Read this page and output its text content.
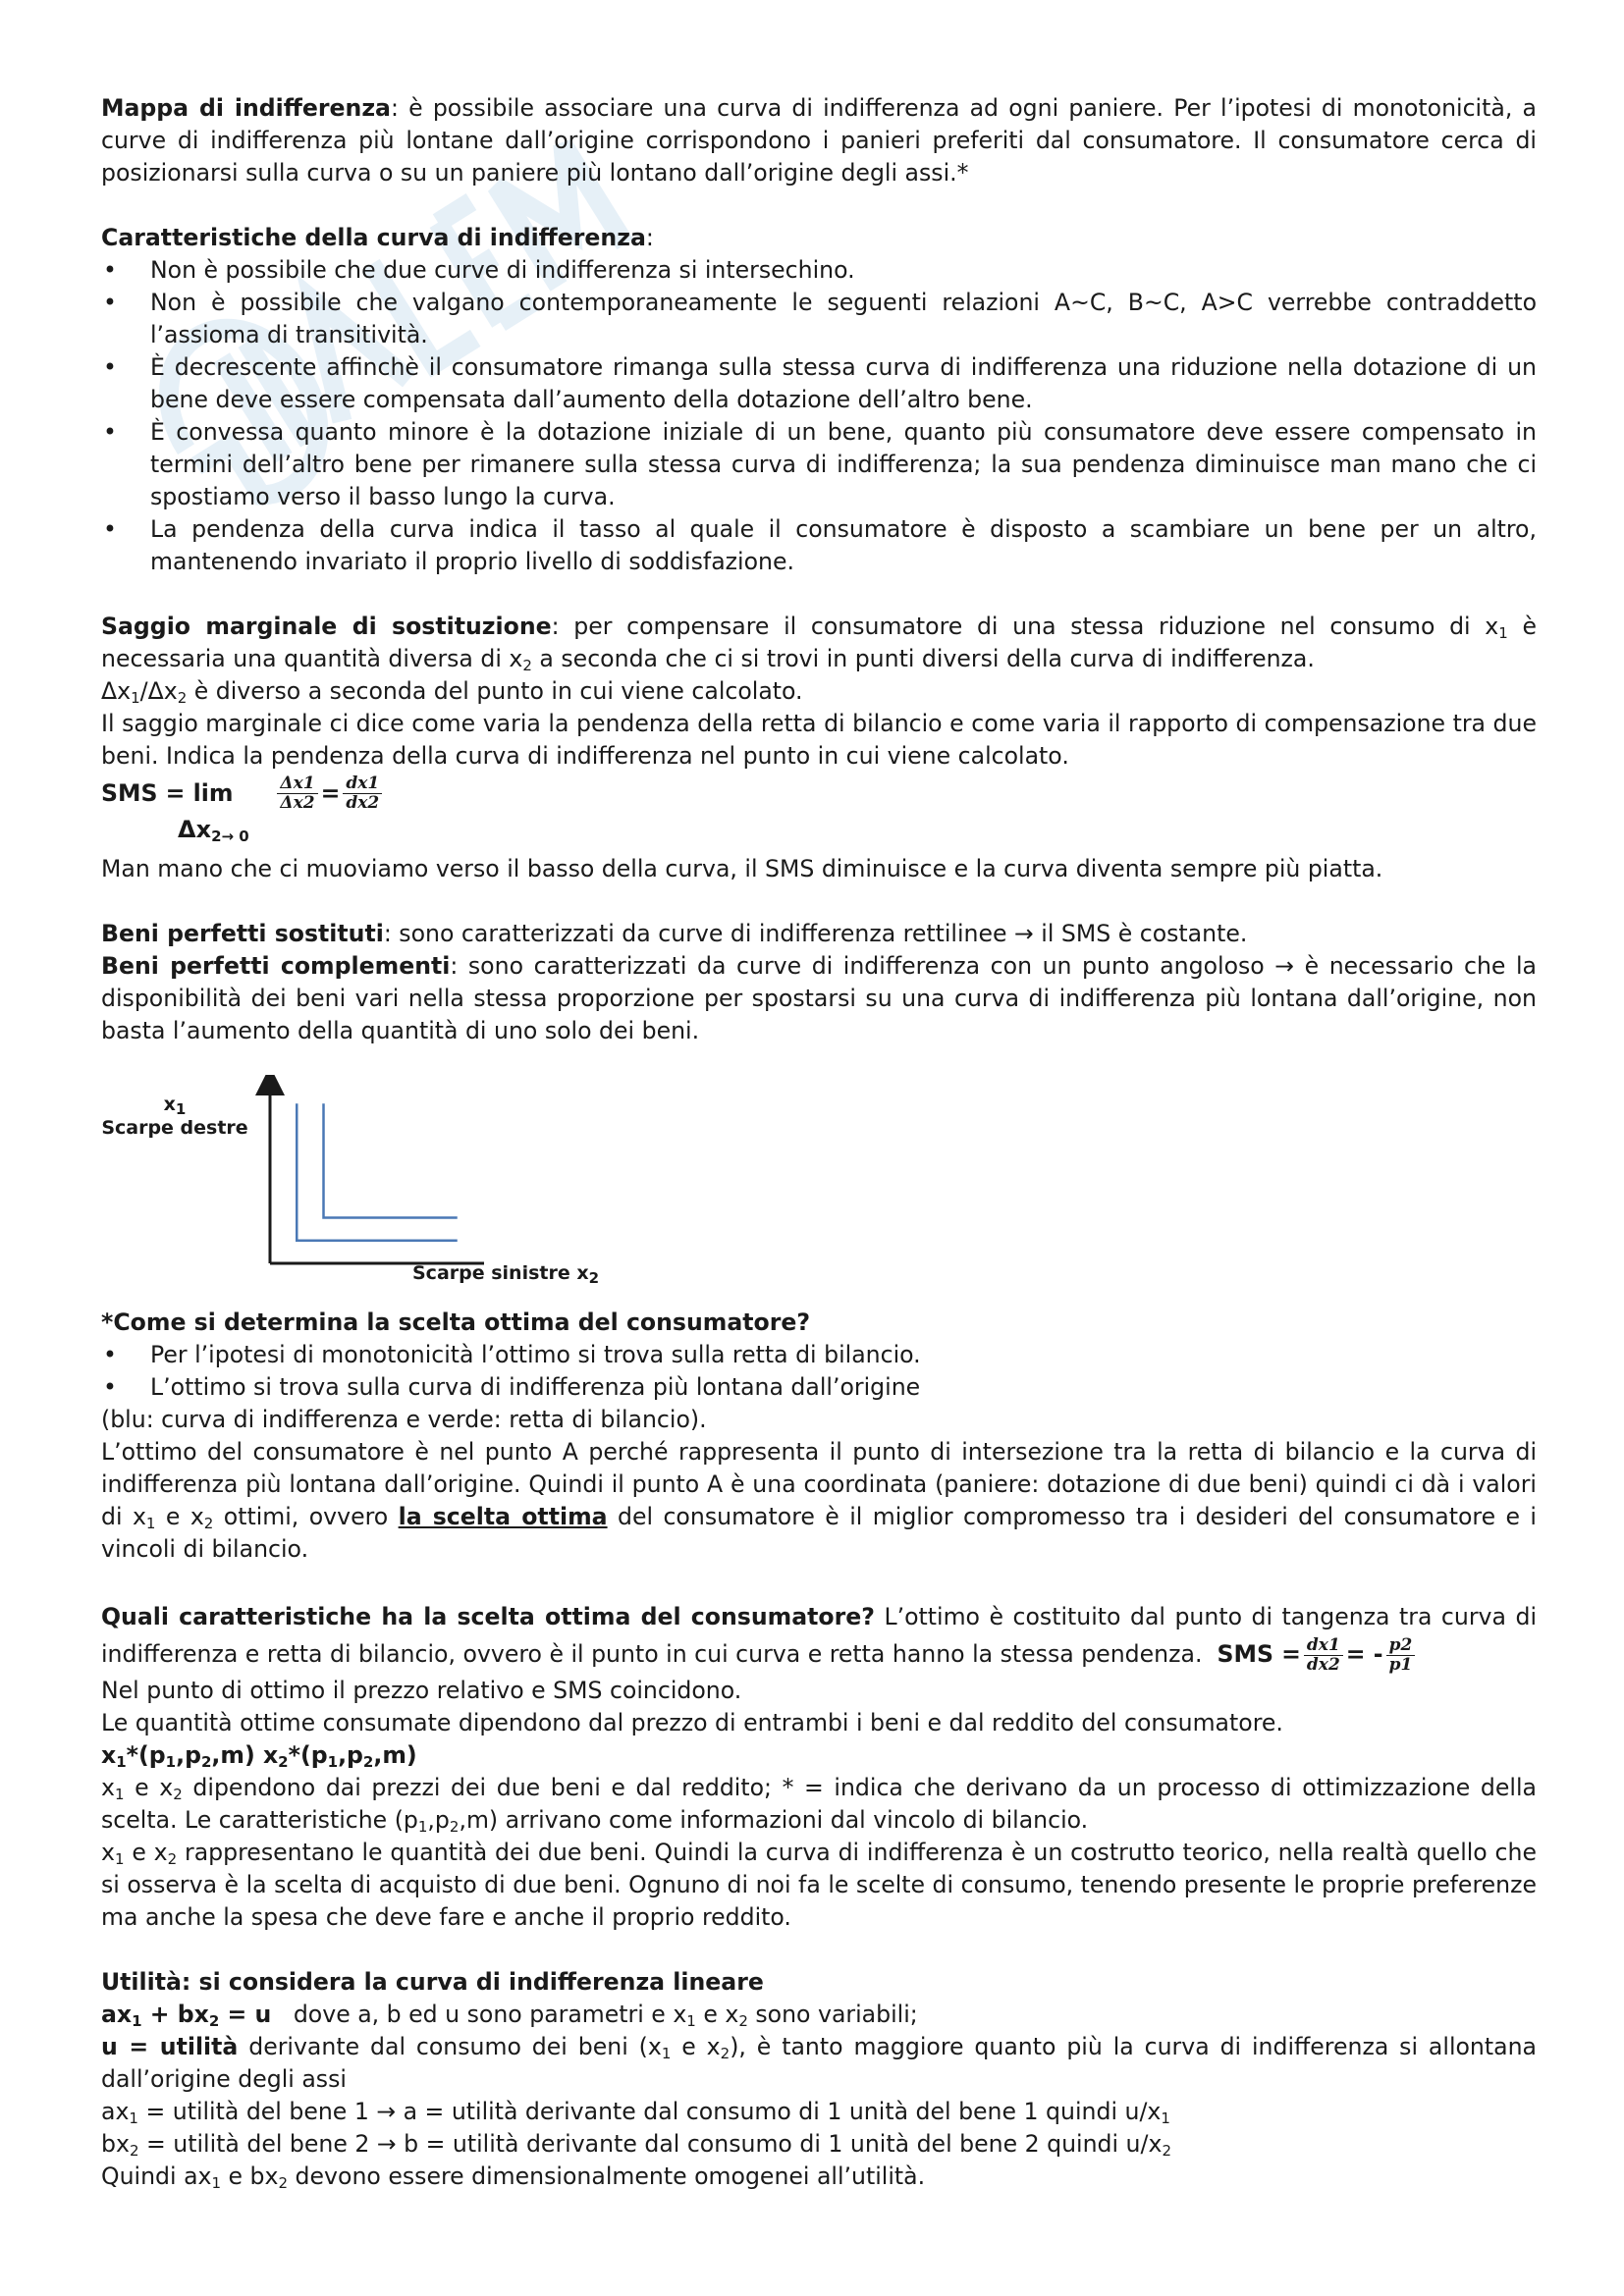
Mappa di indifferenza: è possibile associare una curva di indifferenza ad ogni paniere. Per l’ipotesi di monotonicità, a curve di indifferenza più lontane dall’origine corrispondono i panieri preferiti dal consumatore. Il consumatore cerca di posizionarsi sulla curva o su un paniere più lontano dall’origine degli assi.*

Caratteristiche della curva di indifferenza:

• Non è possibile che due curve di indifferenza si intersechino.
• Non è possibile che valgano contemporaneamente le seguenti relazioni A~C, B~C, A>C verrebbe contraddetto l’assioma di transitività.
• È decrescente affinchè il consumatore rimanga sulla stessa curva di indifferenza una riduzione nella dotazione di un bene deve essere compensata dall’aumento della dotazione dell’altro bene.
• È convessa quanto minore è la dotazione iniziale di un bene, quanto più consumatore deve essere compensato in termini dell’altro bene per rimanere sulla stessa curva di indifferenza; la sua pendenza diminuisce man mano che ci spostiamo verso il basso lungo la curva.
• La pendenza della curva indica il tasso al quale il consumatore è disposto a scambiare un bene per un altro, mantenendo invariato il proprio livello di soddisfazione.

Saggio marginale di sostituzione: per compensare il consumatore di una stessa riduzione nel consumo di $x_1$ è necessaria una quantità diversa di $x_2$ a seconda che ci si trovi in punti diversi della curva di indifferenza.

$\Delta x_1/\Delta x_2$ è diverso a seconda del punto in cui viene calcolato.

Il saggio marginale ci dice come varia la pendenza della retta di bilancio e come varia il rapporto di compensazione tra due beni. Indica la pendenza della curva di indifferenza nel punto in cui viene calcolato.

SMS = lim	$\frac{\Delta x1}{\Delta x2} = \frac{dx1}{dx2}$
$\Delta x_{2\to 0}$

Man mano che ci muoviamo verso il basso della curva, il SMS diminuisce e la curva diventa sempre più piatta.

Beni perfetti sostituti: sono caratterizzati da curve di indifferenza rettilinee → il SMS è costante.

Beni perfetti complementi: sono caratterizzati da curve di indifferenza con un punto angoloso → è necessario che la disponibilità dei beni vari nella stessa proporzione per spostarsi su una curva di indifferenza più lontana dall’origine, non basta l’aumento della quantità di uno solo dei beni.

$x_1$
Scarpe destre
Scarpe sinistre $x_2$

*Come si determina la scelta ottima del consumatore?

• Per l’ipotesi di monotonicità l’ottimo si trova sulla retta di bilancio.
• L’ottimo si trova sulla curva di indifferenza più lontana dall’origine

(blu: curva di indifferenza e verde: retta di bilancio).

L’ottimo del consumatore è nel punto A perché rappresenta il punto di intersezione tra la retta di bilancio e la curva di indifferenza più lontana dall’origine. Quindi il punto A è una coordinata (paniere: dotazione di due beni) quindi ci dà i valori di $x_1$ e $x_2$ ottimi, ovvero la scelta ottima del consumatore è il miglior compromesso tra i desideri del consumatore e i vincoli di bilancio.

Quali caratteristiche ha la scelta ottima del consumatore? L’ottimo è costituito dal punto di tangenza tra curva di indifferenza e retta di bilancio, ovvero è il punto in cui curva e retta hanno la stessa pendenza. SMS = $\frac{dx1}{dx2}$ = - $\frac{p2}{p1}$

Nel punto di ottimo il prezzo relativo e SMS coincidono.

Le quantità ottime consumate dipendono dal prezzo di entrambi i beni e dal reddito del consumatore.

$x_1*(p_1,p_2,m)$ $x_2*(p_1,p_2,m)$

$x_1$ e $x_2$ dipendono dai prezzi dei due beni e dal reddito; * = indica che derivano da un processo di ottimizzazione della scelta. Le caratteristiche $(p_1,p_2,m)$ arrivano come informazioni dal vincolo di bilancio.

$x_1$ e $x_2$ rappresentano le quantità dei due beni. Quindi la curva di indifferenza è un costrutto teorico, nella realtà quello che si osserva è la scelta di acquisto di due beni. Ognuno di noi fa le scelte di consumo, tenendo presente le proprie preferenze ma anche la spesa che deve fare e anche il proprio reddito.

Utilità: si considera la curva di indifferenza lineare

$ax_1 + bx_2 = u$   dove a, b ed u sono parametri e $x_1$ e $x_2$ sono variabili;

u = utilità derivante dal consumo dei beni ($x_1$ e $x_2$), è tanto maggiore quanto più la curva di indifferenza si allontana dall’origine degli assi

$ax_1$ = utilità del bene 1 → a = utilità derivante dal consumo di 1 unità del bene 1 quindi $u/x_1$

$bx_2$ = utilità del bene 2 → b = utilità derivante dal consumo di 1 unità del bene 2 quindi $u/x_2$

Quindi $ax_1$ e $bx_2$ devono essere dimensionalmente omogenei all’utilità.
